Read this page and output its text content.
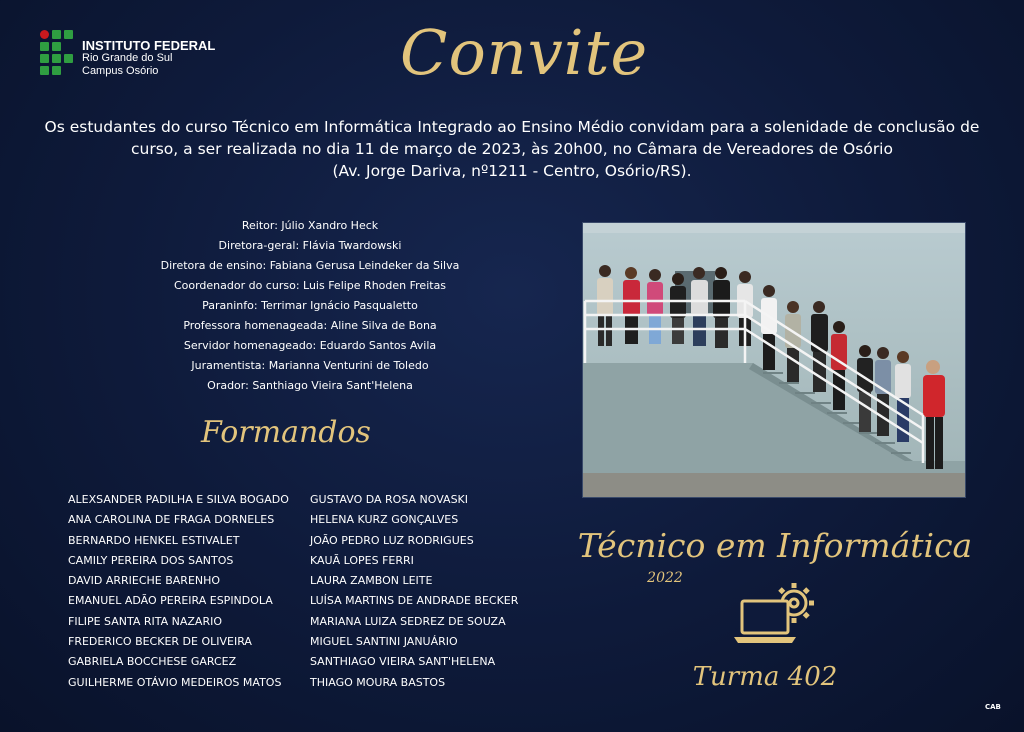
INSTITUTO FEDERAL
Rio Grande do Sul
Campus Osório	Convite
Os estudantes do curso Técnico em Informática Integrado ao Ensino Médio convidam para a solenidade de conclusão de
curso, a ser realizada no dia 11 de março de 2023, às 20h00, no Câmara de Vereadores de Osório
(Av. Jorge Dariva, nº1211 - Centro, Osório/RS).
Reitor: Júlio Xandro Heck
Diretora-geral: Flávia Twardowski
Diretora de ensino: Fabiana Gerusa Leindeker da Silva
Coordenador do curso: Luis Felipe Rhoden Freitas
Paraninfo: Terrimar Ignácio Pasqualetto
Professora homenageada: Aline Silva de Bona
Servidor homenageado: Eduardo Santos Avila
Juramentista: Marianna Venturini de Toledo
Orador: Santhiago Vieira Sant'Helena
Formandos
ALEXSANDER PADILHA E SILVA BOGADO
ANA CAROLINA DE FRAGA DORNELES
BERNARDO HENKEL ESTIVALET
CAMILY PEREIRA DOS SANTOS
DAVID ARRIECHE BARENHO
EMANUEL ADÃO PEREIRA ESPINDOLA
FILIPE SANTA RITA NAZARIO
FREDERICO BECKER DE OLIVEIRA
GABRIELA BOCCHESE GARCEZ
GUILHERME OTÁVIO MEDEIROS MATOS
GUSTAVO DA ROSA NOVASKI
HELENA KURZ GONÇALVES
JOÃO PEDRO LUZ RODRIGUES
KAUÃ LOPES FERRI
LAURA ZAMBON LEITE
LUÍSA MARTINS DE ANDRADE BECKER
MARIANA LUIZA SEDREZ DE SOUZA
MIGUEL SANTINI JANUÁRIO
SANTHIAGO VIEIRA SANT'HELENA
THIAGO MOURA BASTOS
Técnico em Informática
2022
Turma 402
CAB
